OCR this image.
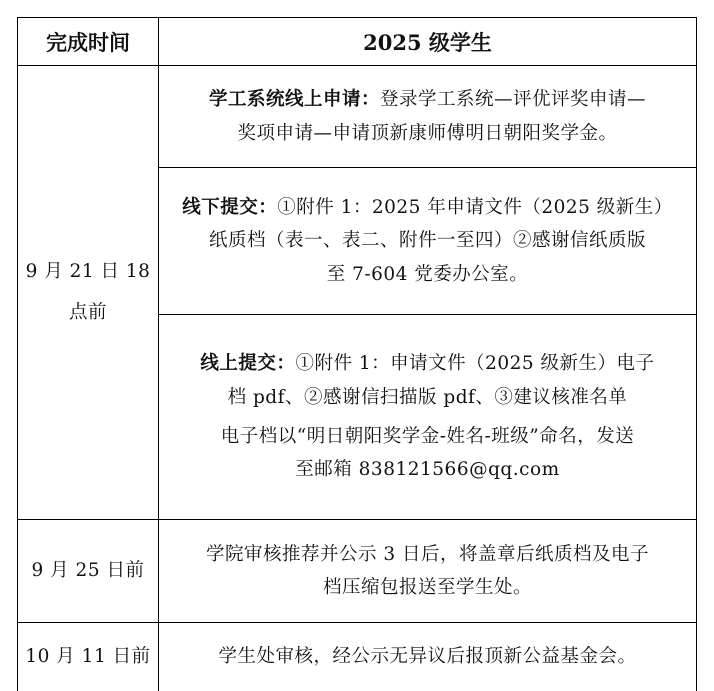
完成时间	2025 级学生

9 月 21 日 18

点前

学工系统线上申请：登录学工系统—评优评奖申请—

奖项申请—申请顶新康师傅明日朝阳奖学金。

线下提交：①附件 1：2025 年申请文件（2025 级新生）

纸质档（表一、表二、附件一至四）②感谢信纸质版

至 7-604 党委办公室。

线上提交：①附件 1：申请文件（2025 级新生）电子

档 pdf、②感谢信扫描版 pdf、③建议核准名单

电子档以“明日朝阳奖学金-姓名-班级”命名，发送

至邮箱 838121566@qq.com

9 月 25 日前

学院审核推荐并公示 3 日后，将盖章后纸质档及电子

档压缩包报送至学生处。

10 月 11 日前	学生处审核，经公示无异议后报顶新公益基金会。
